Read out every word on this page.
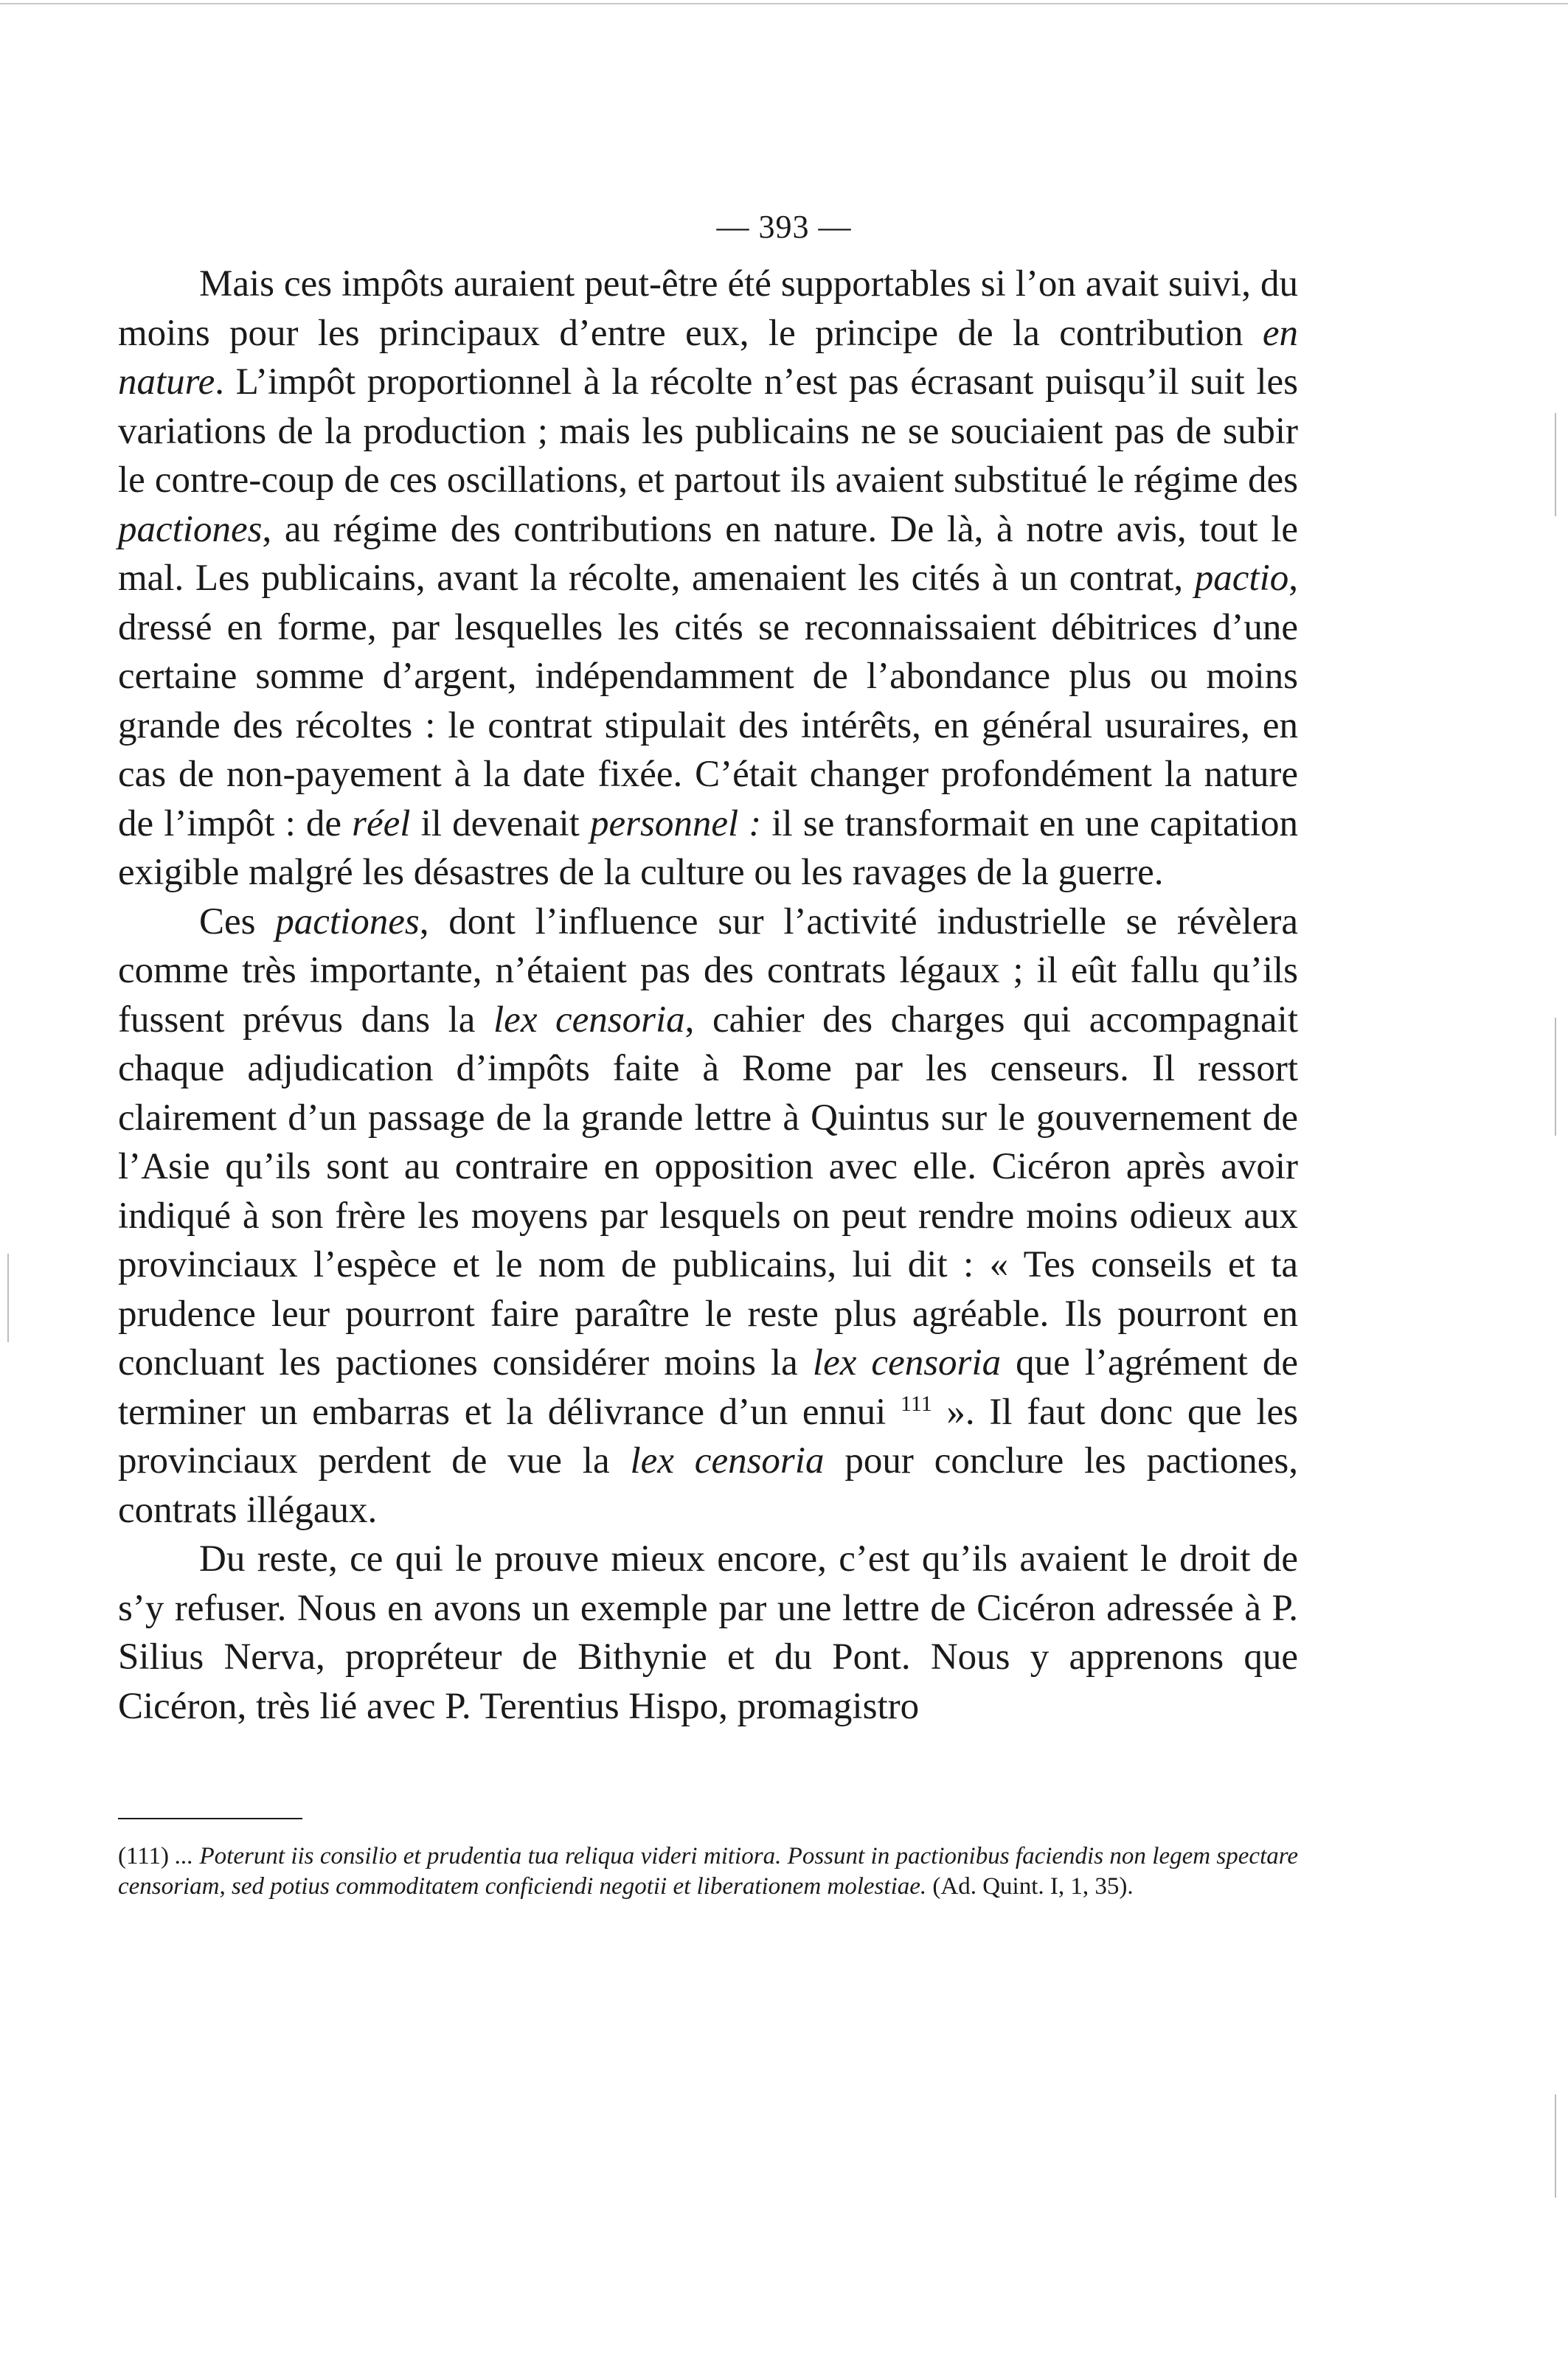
— 393 —

Mais ces impôts auraient peut-être été supportables si l’on avait suivi, du moins pour les principaux d’entre eux, le principe de la contribution en nature. L’impôt proportionnel à la récolte n’est pas écrasant puisqu’il suit les variations de la production ; mais les publicains ne se souciaient pas de subir le contre-coup de ces oscillations, et partout ils avaient substitué le régime des pactiones, au régime des contributions en nature. De là, à notre avis, tout le mal. Les publicains, avant la récolte, amenaient les cités à un contrat, pactio, dressé en forme, par lesquelles les cités se reconnaissaient débitrices d’une certaine somme d’argent, indépendamment de l’abondance plus ou moins grande des récoltes : le contrat stipulait des intérêts, en général usuraires, en cas de non-payement à la date fixée. C’était changer profondément la nature de l’impôt : de réel il devenait personnel : il se transformait en une capitation exigible malgré les désastres de la culture ou les ravages de la guerre.

Ces pactiones, dont l’influence sur l’activité industrielle se révèlera comme très importante, n’étaient pas des contrats légaux ; il eût fallu qu’ils fussent prévus dans la lex censoria, cahier des charges qui accompagnait chaque adjudication d’impôts faite à Rome par les censeurs. Il ressort clairement d’un passage de la grande lettre à Quintus sur le gouvernement de l’Asie qu’ils sont au contraire en opposition avec elle. Cicéron après avoir indiqué à son frère les moyens par lesquels on peut rendre moins odieux aux provinciaux l’espèce et le nom de publicains, lui dit : « Tes conseils et ta prudence leur pourront faire paraître le reste plus agréable. Ils pourront en concluant les pactiones considérer moins la lex censoria que l’agrément de terminer un embarras et la délivrance d’un ennui $^{111}$ ». Il faut donc que les provinciaux perdent de vue la lex censoria pour conclure les pactiones, contrats illégaux.

Du reste, ce qui le prouve mieux encore, c’est qu’ils avaient le droit de s’y refuser. Nous en avons un exemple par une lettre de Cicéron adressée à P. Silius Nerva, propréteur de Bithynie et du Pont. Nous y apprenons que Cicéron, très lié avec P. Terentius Hispo, promagistro

(111) ... Poterunt iis consilio et prudentia tua reliqua videri mitiora. Possunt in pactionibus faciendis non legem spectare censoriam, sed potius commoditatem conficiendi negotii et liberationem molestiae. (Ad. Quint. I, 1, 35).
